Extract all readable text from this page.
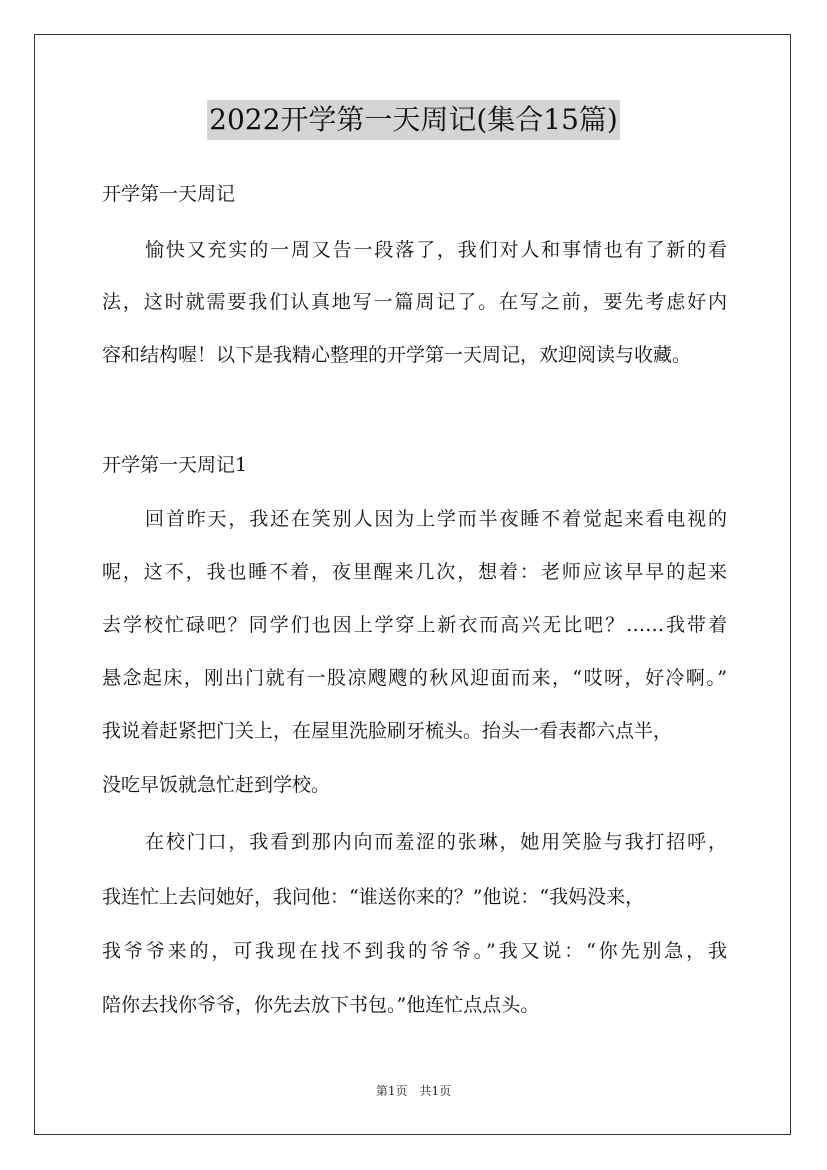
2022开学第一天周记(集合15篇)
开学第一天周记
愉快又充实的一周又告一段落了，我们对人和事情也有了新的看
法，这时就需要我们认真地写一篇周记了。在写之前，要先考虑好内
容和结构喔！以下是我精心整理的开学第一天周记，欢迎阅读与收藏。
开学第一天周记1
回首昨天，我还在笑别人因为上学而半夜睡不着觉起来看电视的
呢，这不，我也睡不着，夜里醒来几次，想着：老师应该早早的起来
去学校忙碌吧？同学们也因上学穿上新衣而高兴无比吧？……我带着
悬念起床，刚出门就有一股凉飕飕的秋风迎面而来，“哎呀，好冷啊。”
我说着赶紧把门关上，在屋里洗脸刷牙梳头。抬头一看表都六点半，
没吃早饭就急忙赶到学校。
在校门口，我看到那内向而羞涩的张琳，她用笑脸与我打招呼，
我连忙上去问她好，我问他：“谁送你来的？”他说：“我妈没来，
我爷爷来的，可我现在找不到我的爷爷。”我又说：“你先别急，我
陪你去找你爷爷，你先去放下书包。”他连忙点点头。
第1页　共1页
